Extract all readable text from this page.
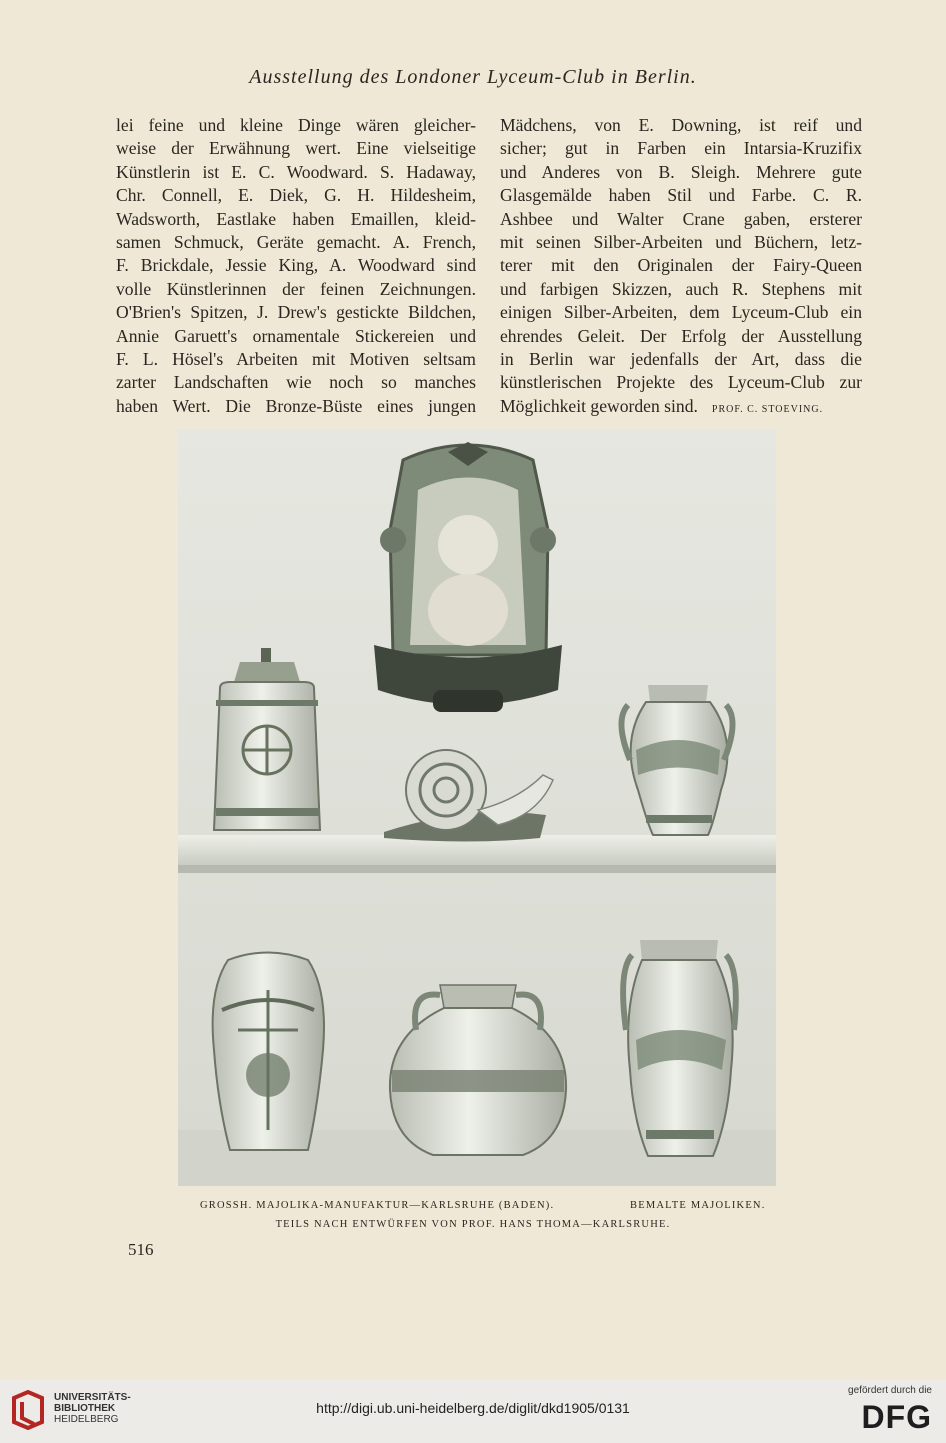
Ausstellung des Londoner Lyceum-Club in Berlin.
lei feine und kleine Dinge wären gleicher-
weise der Erwähnung wert. Eine vielseitige
Künstlerin ist E. C. Woodward. S. Hadaway,
Chr. Connell, E. Diek, G. H. Hildesheim,
Wadsworth, Eastlake haben Emaillen, kleid-
samen Schmuck, Geräte gemacht. A. French,
F. Brickdale, Jessie King, A. Woodward sind
volle Künstlerinnen der feinen Zeichnungen.
O'Brien's Spitzen, J. Drew's gestickte Bildchen,
Annie Garuett's ornamentale Stickereien und
F. L. Hösel's Arbeiten mit Motiven seltsam
zarter Landschaften wie noch so manches
haben Wert. Die Bronze-Büste eines jungen
Mädchens, von E. Downing, ist reif und
sicher; gut in Farben ein Intarsia-Kruzifix
und Anderes von B. Sleigh. Mehrere gute
Glasgemälde haben Stil und Farbe. C. R.
Ashbee und Walter Crane gaben, ersterer
mit seinen Silber-Arbeiten und Büchern, letz-
terer mit den Originalen der Fairy-Queen
und farbigen Skizzen, auch R. Stephens mit
einigen Silber-Arbeiten, dem Lyceum-Club ein
ehrendes Geleit. Der Erfolg der Ausstellung
in Berlin war jedenfalls der Art, dass die
künstlerischen Projekte des Lyceum-Club zur
Möglichkeit geworden sind. PROF. C. STOEVING.
GROSSH. MAJOLIKA-MANUFAKTUR—KARLSRUHE (BADEN).	BEMALTE MAJOLIKEN.
TEILS NACH ENTWÜRFEN VON PROF. HANS THOMA—KARLSRUHE.
516
UNIVERSITÄTS-
BIBLIOTHEK
HEIDELBERG
http://digi.ub.uni-heidelberg.de/diglit/dkd1905/0131
gefördert durch die
DFG
